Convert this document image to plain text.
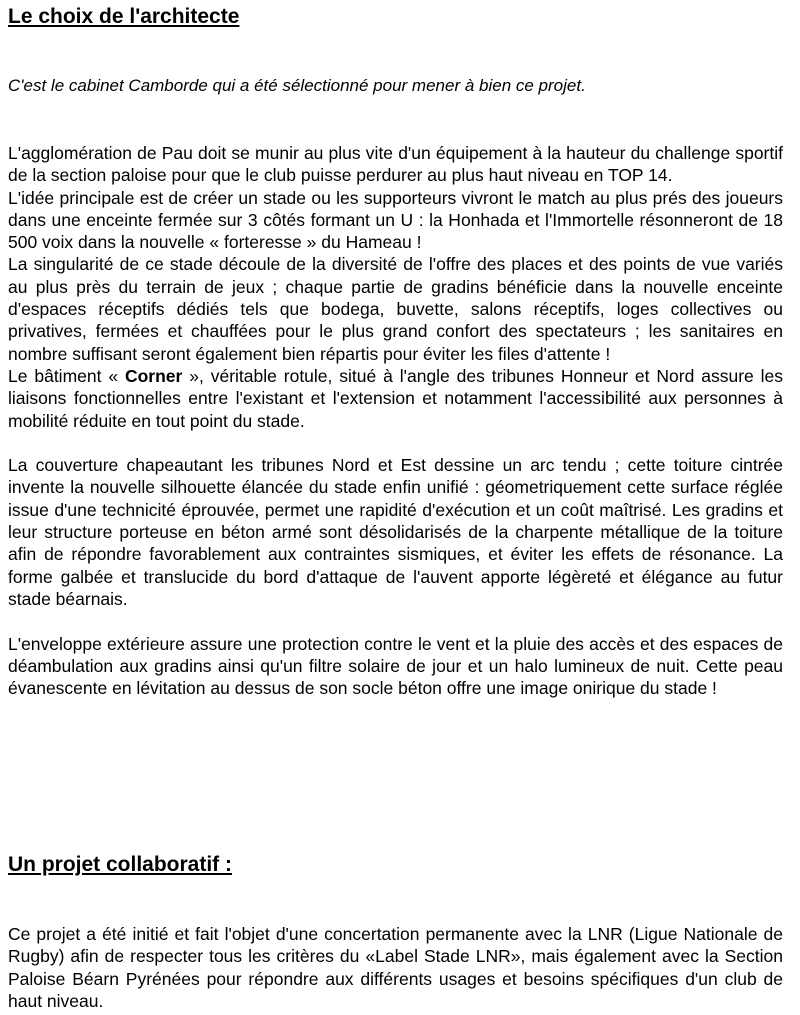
Le choix de l'architecte

C'est le cabinet Camborde qui a été sélectionné pour mener à bien ce projet.

L'agglomération de Pau doit se munir au plus vite d'un équipement à la hauteur du challenge sportif de la section paloise pour que le club puisse perdurer au plus haut niveau en TOP 14.

L'idée principale est de créer un stade ou les supporteurs vivront le match au plus prés des joueurs dans une enceinte fermée sur 3 côtés formant un U : la Honhada et l'Immortelle résonneront de 18 500 voix dans la nouvelle « forteresse » du Hameau !

La singularité de ce stade découle de la diversité de l'offre des places et des points de vue variés au plus près du terrain de jeux ; chaque partie de gradins bénéficie dans la nouvelle enceinte d'espaces réceptifs dédiés tels que bodega, buvette, salons réceptifs, loges collectives ou privatives, fermées et chauffées pour le plus grand confort des spectateurs ; les sanitaires en nombre suffisant seront également bien répartis pour éviter les files d'attente !

Le bâtiment « Corner », véritable rotule, situé à l'angle des tribunes Honneur et Nord assure les liaisons fonctionnelles entre l'existant et l'extension et notamment l'accessibilité aux personnes à mobilité réduite en tout point du stade.

La couverture chapeautant les tribunes Nord et Est dessine un arc tendu ; cette toiture cintrée invente la nouvelle silhouette élancée du stade enfin unifié : géometriquement cette surface réglée issue d'une technicité éprouvée, permet une rapidité d'exécution et un coût maîtrisé. Les gradins et leur structure porteuse en béton armé sont désolidarisés de la charpente métallique de la toiture afin de répondre favorablement aux contraintes sismiques, et éviter les effets de résonance. La forme galbée et translucide du bord d'attaque de l'auvent apporte légèreté et élégance au futur stade béarnais.

L'enveloppe extérieure assure une protection contre le vent et la pluie des accès et des espaces de déambulation aux gradins ainsi qu'un filtre solaire de jour et un halo lumineux de nuit. Cette peau évanescente en lévitation au dessus de son socle béton offre une image onirique du stade !

Un projet collaboratif :

Ce projet a été initié et fait l'objet d'une concertation permanente avec la LNR (Ligue Nationale de Rugby) afin de respecter tous les critères du «Label Stade LNR», mais également avec la Section Paloise Béarn Pyrénées pour répondre aux différents usages et besoins spécifiques d'un club de haut niveau.
